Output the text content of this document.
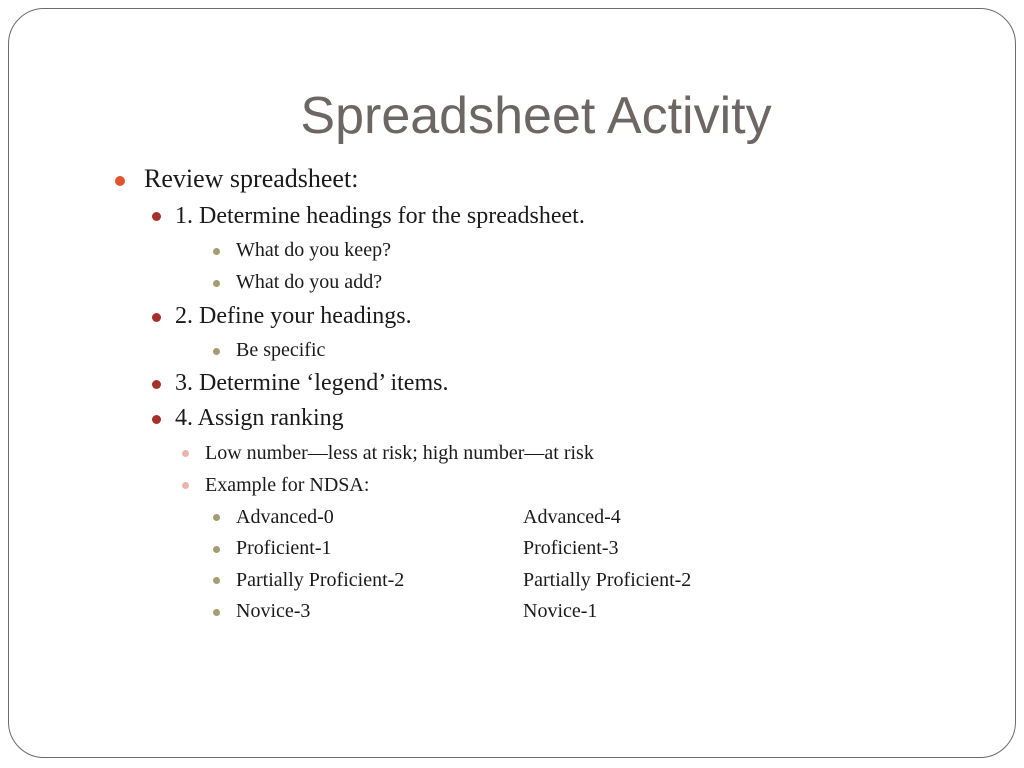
Spreadsheet Activity

Review spreadsheet:

1. Determine headings for the spreadsheet.

What do you keep?

What do you add?

2. Define your headings.

Be specific

3. Determine ‘legend’ items.

4. Assign ranking

Low number—less at risk; high number—at risk

Example for NDSA:

Advanced-0	Advanced-4

Proficient-1	Proficient-3

Partially Proficient-2	Partially Proficient-2

Novice-3	Novice-1
